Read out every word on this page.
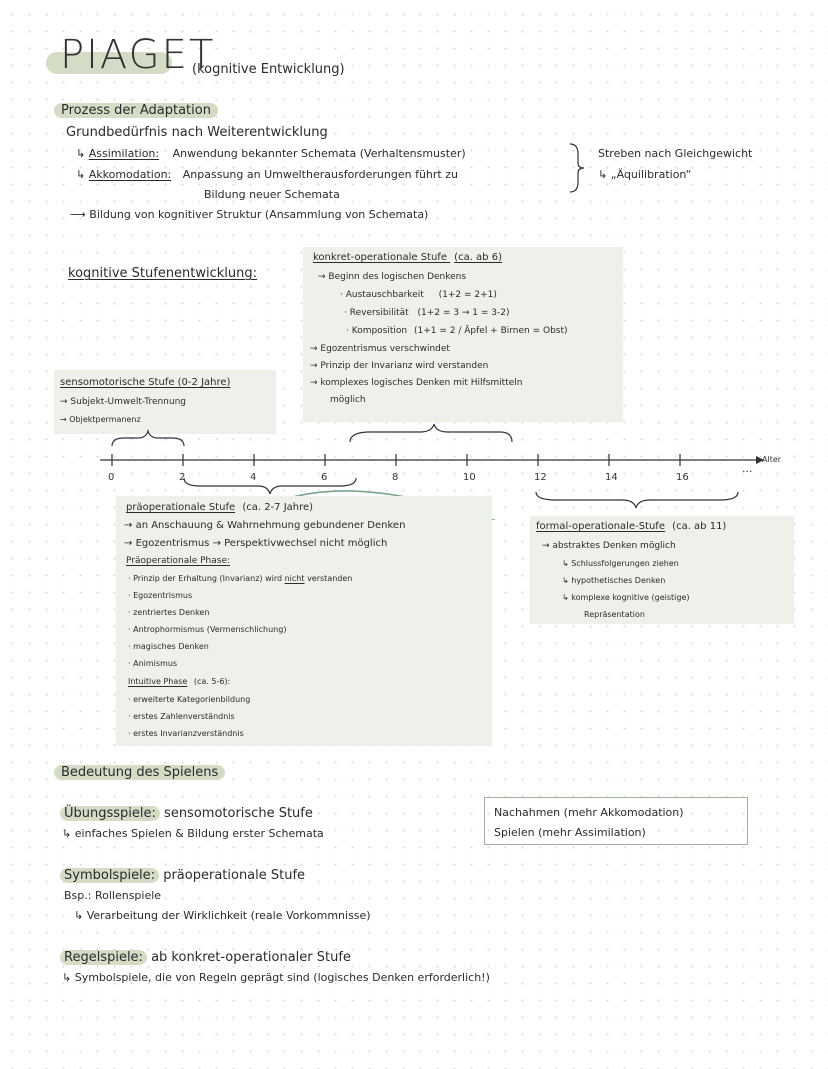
PIAGET
(kognitive Entwicklung)
Prozess der Adaptation
Grundbedürfnis nach Weiterentwicklung
↳ Assimilation: Anwendung bekannter Schemata (Verhaltensmuster)
↳ Akkomodation: Anpassung an Umweltherausforderungen führt zu
Bildung neuer Schemata
⟶ Bildung von kognitiver Struktur (Ansammlung von Schemata)
Streben nach Gleichgewicht
↳ „Äquilibration“
kognitive Stufenentwicklung:
konkret-operationale Stufe (ca. ab 6)
→ Beginn des logischen Denkens
· Austauschbarkeit (1+2 = 2+1)
· Reversibilität (1+2 = 3 → 1 = 3-2)
· Komposition (1+1 = 2 / Äpfel + Birnen = Obst)
→ Egozentrismus verschwindet
→ Prinzip der Invarianz wird verstanden
→ komplexes logisches Denken mit Hilfsmitteln
möglich
sensomotorische Stufe (0-2 Jahre)
→ Subjekt-Umwelt-Trennung
→ Objektpermanenz
0	2	4	6	8	10	12	14	16
...
Alter
präoperationale Stufe (ca. 2-7 Jahre)
→ an Anschauung & Wahrnehmung gebundener Denken
→ Egozentrismus → Perspektivwechsel nicht möglich
Präoperationale Phase:
· Prinzip der Erhaltung (Invarianz) wird nicht verstanden
· Egozentrismus
· zentriertes Denken
· Antrophormismus (Vermenschlichung)
· magisches Denken
· Animismus
Intuitive Phase (ca. 5-6):
· erweiterte Kategorienbildung
· erstes Zahlenverständnis
· erstes Invarianzverständnis
formal-operationale-Stufe (ca. ab 11)
→ abstraktes Denken möglich
↳ Schlussfolgerungen ziehen
↳ hypothetisches Denken
↳ komplexe kognitive (geistige)
Repräsentation
Bedeutung des Spielens
Übungsspiele: sensomotorische Stufe
↳ einfaches Spielen & Bildung erster Schemata
Nachahmen (mehr Akkomodation)
Spielen (mehr Assimilation)
Symbolspiele: präoperationale Stufe
Bsp.: Rollenspiele
↳ Verarbeitung der Wirklichkeit (reale Vorkommnisse)
Regelspiele: ab konkret-operationaler Stufe
↳ Symbolspiele, die von Regeln geprägt sind (logisches Denken erforderlich!)
